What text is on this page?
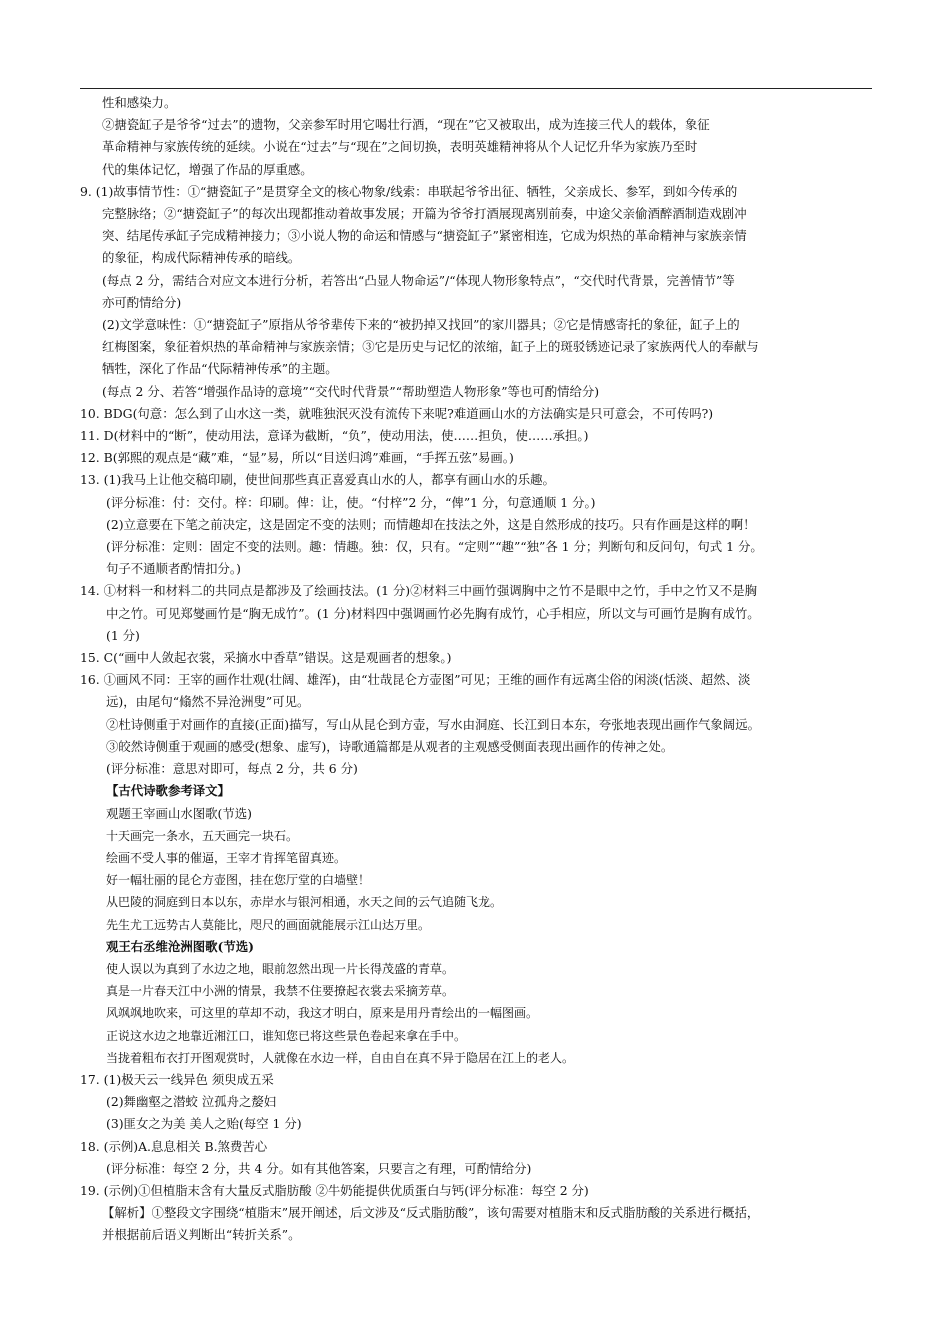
性和感染力。
②搪瓷缸子是爷爷“过去”的遗物，父亲参军时用它喝壮行酒，“现在”它又被取出，成为连接三代人的载体，象征
革命精神与家族传统的延续。小说在“过去”与“现在”之间切换，表明英雄精神将从个人记忆升华为家族乃至时
代的集体记忆，增强了作品的厚重感。
9. (1)故事情节性：①“搪瓷缸子”是贯穿全文的核心物象/线索：串联起爷爷出征、牺牲，父亲成长、参军，到如今传承的
完整脉络；②“搪瓷缸子”的每次出现都推动着故事发展；开篇为爷爷打酒展现离别前奏，中途父亲偷酒醉酒制造戏剧冲
突、结尾传承缸子完成精神接力；③小说人物的命运和情感与“搪瓷缸子”紧密相连，它成为炽热的革命精神与家族亲情
的象征，构成代际精神传承的暗线。
(每点 2 分，需结合对应文本进行分析，若答出“凸显人物命运”/“体现人物形象特点”，“交代时代背景，完善情节”等
亦可酌情给分)
(2)文学意味性：①“搪瓷缸子”原指从爷爷辈传下来的“被扔掉又找回”的家川器具；②它是情感寄托的象征，缸子上的
红梅图案，象征着炽热的革命精神与家族亲情；③它是历史与记忆的浓缩，缸子上的斑驳锈迹记录了家族两代人的奉献与
牺牲，深化了作品“代际精神传承”的主题。
(每点 2 分、若答“增强作品诗的意境”“交代时代背景”“帮助塑造人物形象”等也可酌情给分)
10. BDG(句意：怎么到了山水这一类，就唯独泯灭没有流传下来呢?难道画山水的方法确实是只可意会，不可传吗?)
11. D(材料中的“断”，使动用法，意译为截断，“负”，使动用法，使……担负，使……承担。)
12. B(郭熙的观点是“藏”难，“显”易，所以“目送归鸿”难画，“手挥五弦”易画。)
13. (1)我马上让他交稿印刷，使世间那些真正喜爱真山水的人，都享有画山水的乐趣。
(评分标准：付：交付。梓：印刷。俾：让，使。“付梓”2 分，“俾”1 分，句意通顺 1 分。)
(2)立意要在下笔之前决定，这是固定不变的法则；而情趣却在技法之外，这是自然形成的技巧。只有作画是这样的啊！
(评分标准：定则：固定不变的法则。趣：情趣。独：仅，只有。“定则”“趣”“独”各 1 分；判断句和反问句，句式 1 分。
句子不通顺者酌情扣分。)
14. ①材料一和材料二的共同点是都涉及了绘画技法。(1 分)②材料三中画竹强调胸中之竹不是眼中之竹，手中之竹又不是胸
中之竹。可见郑燮画竹是“胸无成竹”。(1 分)材料四中强调画竹必先胸有成竹，心手相应，所以文与可画竹是胸有成竹。
(1 分)
15. C(“画中人敛起衣裳，采摘水中香草”错误。这是观画者的想象。)
16. ①画风不同：王宰的画作壮观(壮阔、雄浑)，由“壮哉昆仑方壶图”可见；王维的画作有远离尘俗的闲淡(恬淡、超然、淡
远)，由尾句“翛然不异沧洲叟”可见。
②杜诗侧重于对画作的直接(正面)描写，写山从昆仑到方壶，写水由洞庭、长江到日本东，夸张地表现出画作气象阔远。
③皎然诗侧重于观画的感受(想象、虚写)，诗歌通篇都是从观者的主观感受侧面表现出画作的传神之处。
(评分标准：意思对即可，每点 2 分，共 6 分)
【古代诗歌参考译文】
观题王宰画山水图歌(节选)
十天画完一条水，五天画完一块石。
绘画不受人事的催逼，王宰才肯挥笔留真迹。
好一幅壮丽的昆仑方壶图，挂在您厅堂的白墙壁！
从巴陵的洞庭到日本以东，赤岸水与银河相通，水天之间的云气追随飞龙。
先生尤工远势古人莫能比，咫尺的画面就能展示江山达万里。
观王右丞维沧洲图歌(节选)
使人误以为真到了水边之地，眼前忽然出现一片长得茂盛的青草。
真是一片春天江中小洲的情景，我禁不住要撩起衣裳去采摘芳草。
风飒飒地吹来，可这里的草却不动，我这才明白，原来是用丹青绘出的一幅图画。
正说这水边之地靠近湘江口，谁知您已将这些景色卷起来拿在手中。
当拢着粗布衣打开图观赏时，人就像在水边一样，自由自在真不异于隐居在江上的老人。
17. (1)极天云一线异色 须臾成五采
(2)舞幽壑之潜蛟 泣孤舟之嫠妇
(3)匪女之为美 美人之贻(每空 1 分)
18. (示例)A.息息相关 B.煞费苦心
(评分标准：每空 2 分，共 4 分。如有其他答案，只要言之有理，可酌情给分)
19. (示例)①但植脂末含有大量反式脂肪酸 ②牛奶能提供优质蛋白与钙(评分标准：每空 2 分)
【解析】①整段文字围绕“植脂末”展开阐述，后文涉及“反式脂肪酸”，该句需要对植脂末和反式脂肪酸的关系进行概括，
并根据前后语义判断出“转折关系”。
